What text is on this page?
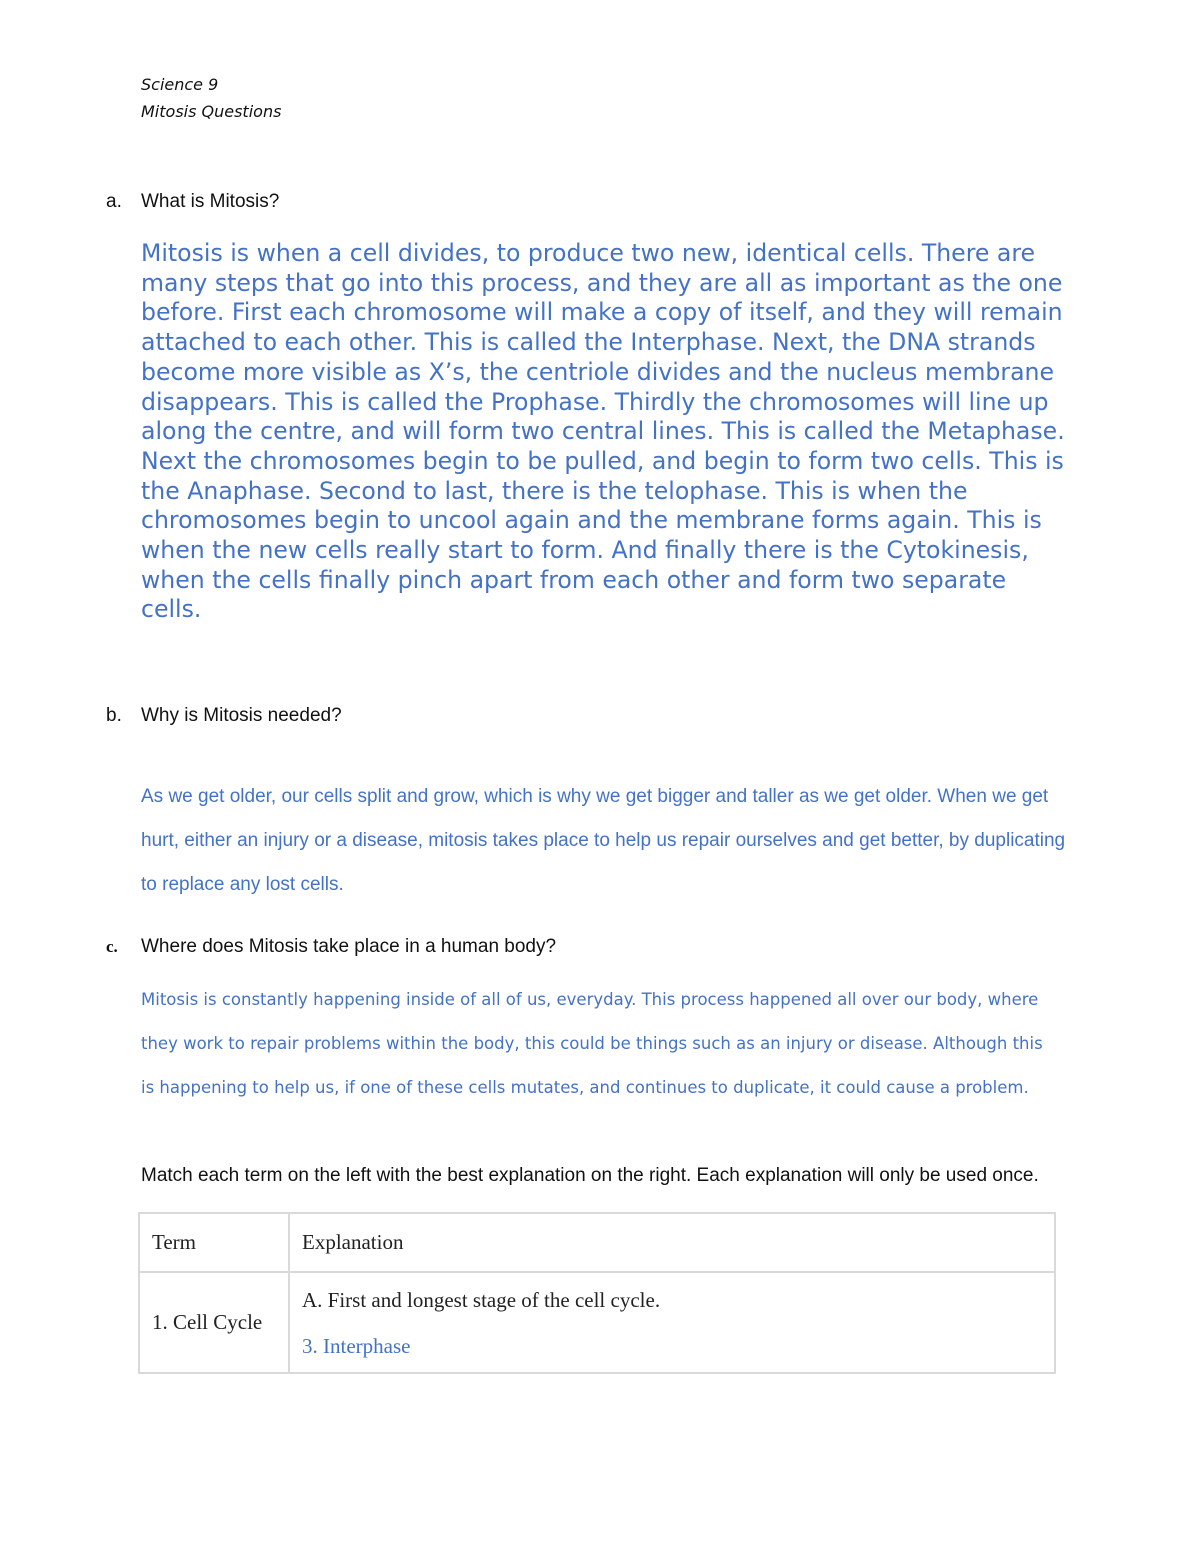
Science 9
Mitosis Questions
a. What is Mitosis?
Mitosis is when a cell divides, to produce two new, identical cells. There are many steps that go into this process, and they are all as important as the one before. First each chromosome will make a copy of itself, and they will remain attached to each other. This is called the Interphase. Next, the DNA strands become more visible as X’s, the centriole divides and the nucleus membrane disappears. This is called the Prophase. Thirdly the chromosomes will line up along the centre, and will form two central lines. This is called the Metaphase. Next the chromosomes begin to be pulled, and begin to form two cells. This is the Anaphase. Second to last, there is the telophase. This is when the chromosomes begin to uncool again and the membrane forms again. This is when the new cells really start to form. And finally there is the Cytokinesis, when the cells finally pinch apart from each other and form two separate cells.
b. Why is Mitosis needed?
As we get older, our cells split and grow, which is why we get bigger and taller as we get older. When we get hurt, either an injury or a disease, mitosis takes place to help us repair ourselves and get better, by duplicating to replace any lost cells.
c. Where does Mitosis take place in a human body?
Mitosis is constantly happening inside of all of us, everyday. This process happened all over our body, where they work to repair problems within the body, this could be things such as an injury or disease. Although this is happening to help us, if one of these cells mutates, and continues to duplicate, it could cause a problem.
Match each term on the left with the best explanation on the right. Each explanation will only be used once.
Term	Explanation
1. Cell Cycle	A. First and longest stage of the cell cycle.
3. Interphase
